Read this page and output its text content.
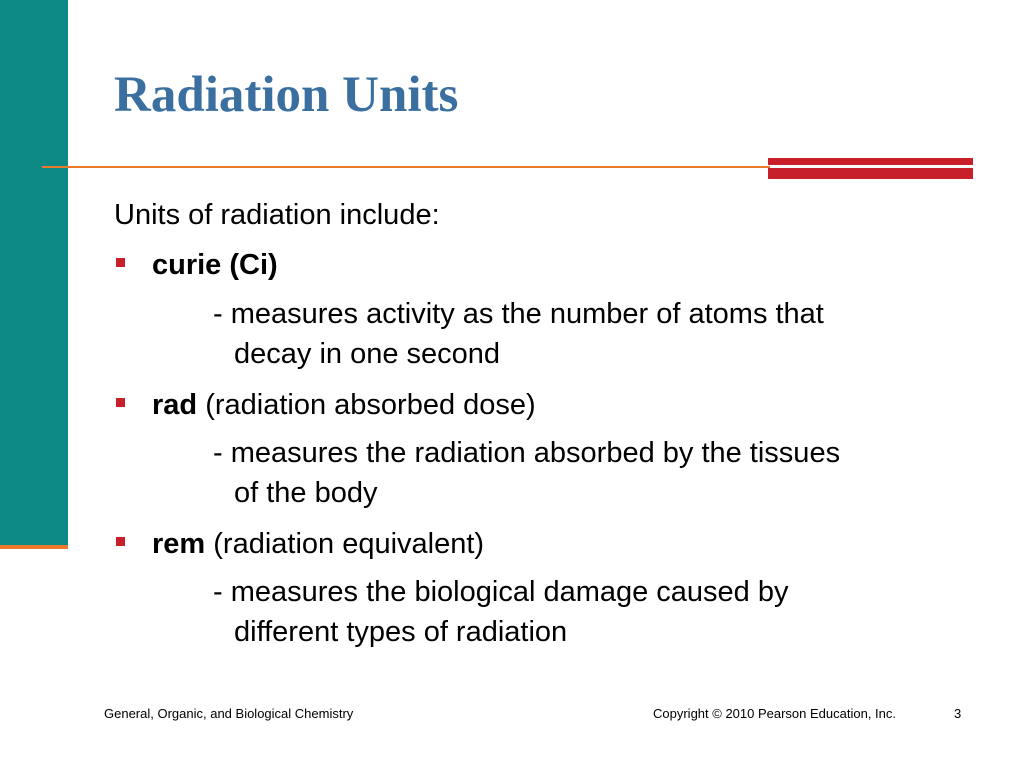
Radiation Units
Units of radiation include:
curie (Ci)
- measures activity as the number of atoms that
decay in one second
rad (radiation absorbed dose)
- measures the radiation absorbed by the tissues
of the body
rem (radiation equivalent)
- measures the biological damage caused by
different types of radiation
General, Organic, and Biological Chemistry	Copyright © 2010 Pearson Education, Inc.	3
